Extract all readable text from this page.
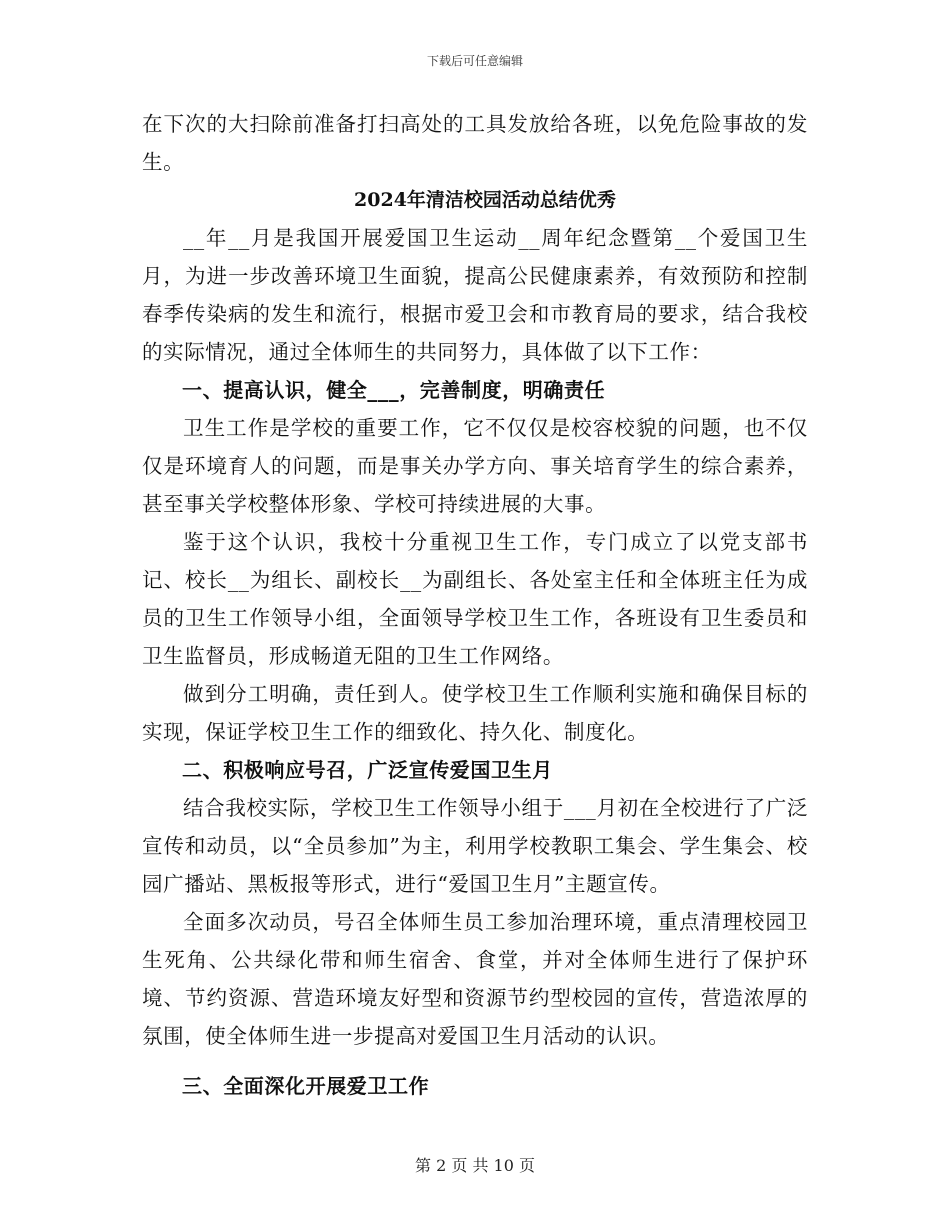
下载后可任意编辑

在下次的大扫除前准备打扫高处的工具发放给各班，以免危险事故的发生。

2024年清洁校园活动总结优秀

__年__月是我国开展爱国卫生运动__周年纪念暨第__个爱国卫生月，为进一步改善环境卫生面貌，提高公民健康素养，有效预防和控制春季传染病的发生和流行，根据市爱卫会和市教育局的要求，结合我校的实际情况，通过全体师生的共同努力，具体做了以下工作：

一、提高认识，健全___，完善制度，明确责任

卫生工作是学校的重要工作，它不仅仅是校容校貌的问题，也不仅仅是环境育人的问题，而是事关办学方向、事关培育学生的综合素养，甚至事关学校整体形象、学校可持续进展的大事。

鉴于这个认识，我校十分重视卫生工作，专门成立了以党支部书记、校长__为组长、副校长__为副组长、各处室主任和全体班主任为成员的卫生工作领导小组，全面领导学校卫生工作，各班设有卫生委员和卫生监督员，形成畅道无阻的卫生工作网络。

做到分工明确，责任到人。使学校卫生工作顺利实施和确保目标的实现，保证学校卫生工作的细致化、持久化、制度化。

二、积极响应号召，广泛宣传爱国卫生月

结合我校实际，学校卫生工作领导小组于___月初在全校进行了广泛宣传和动员，以“全员参加”为主，利用学校教职工集会、学生集会、校园广播站、黑板报等形式，进行“爱国卫生月”主题宣传。

全面多次动员，号召全体师生员工参加治理环境，重点清理校园卫生死角、公共绿化带和师生宿舍、食堂，并对全体师生进行了保护环境、节约资源、营造环境友好型和资源节约型校园的宣传，营造浓厚的氛围，使全体师生进一步提高对爱国卫生月活动的认识。

三、全面深化开展爱卫工作

第 2 页 共 10 页
